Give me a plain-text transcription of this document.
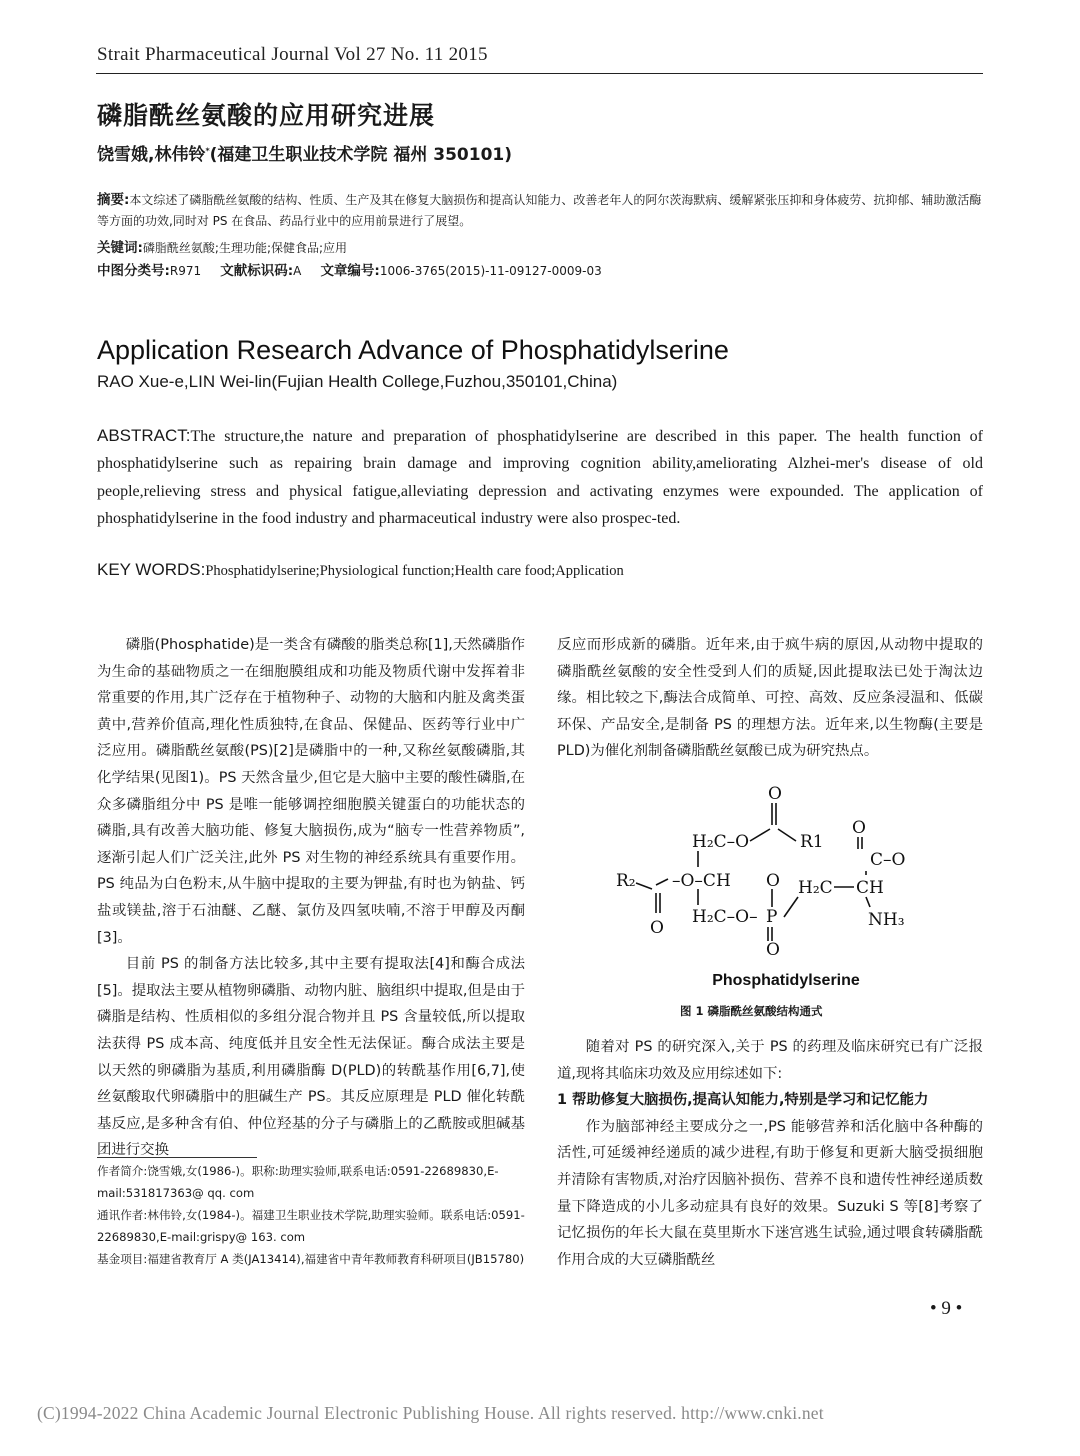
Strait Pharmaceutical Journal Vol 27 No. 11 2015
磷脂酰丝氨酸的应用研究进展
饶雪娥,林伟铃*(福建卫生职业技术学院 福州 350101)
摘要:本文综述了磷脂酰丝氨酸的结构、性质、生产及其在修复大脑损伤和提高认知能力、改善老年人的阿尔茨海默病、缓解紧张压抑和身体疲劳、抗抑郁、辅助激活酶等方面的功效,同时对 PS 在食品、药品行业中的应用前景进行了展望。
关键词:磷脂酰丝氨酸;生理功能;保健食品;应用
中图分类号:R971 文献标识码:A 文章编号:1006-3765(2015)-11-09127-0009-03
Application Research Advance of Phosphatidylserine
RAO Xue-e,LIN Wei-lin(Fujian Health College,Fuzhou,350101,China)
ABSTRACT:The structure,the nature and preparation of phosphatidylserine are described in this paper. The health function of phosphatidylserine such as repairing brain damage and improving cognition ability,ameliorating Alzhei-mer's disease of old people,relieving stress and physical fatigue,alleviating depression and activating enzymes were expounded. The application of phosphatidylserine in the food industry and pharmaceutical industry were also prospec-ted.
KEY WORDS:Phosphatidylserine;Physiological function;Health care food;Application

磷脂(Phosphatide)是一类含有磷酸的脂类总称[1],天然磷脂作为生命的基础物质之一在细胞膜组成和功能及物质代谢中发挥着非常重要的作用,其广泛存在于植物种子、动物的大脑和内脏及禽类蛋黄中,营养价值高,理化性质独特,在食品、保健品、医药等行业中广泛应用。磷脂酰丝氨酸(PS)[2]是磷脂中的一种,又称丝氨酸磷脂,其化学结果(见图1)。PS 天然含量少,但它是大脑中主要的酸性磷脂,在众多磷脂组分中 PS 是唯一能够调控细胞膜关键蛋白的功能状态的磷脂,具有改善大脑功能、修复大脑损伤,成为“脑专一性营养物质”,逐渐引起人们广泛关注,此外 PS 对生物的神经系统具有重要作用。PS 纯品为白色粉末,从牛脑中提取的主要为钾盐,有时也为钠盐、钙盐或镁盐,溶于石油醚、乙醚、氯仿及四氢呋喃,不溶于甲醇及丙酮[3]。

目前 PS 的制备方法比较多,其中主要有提取法[4]和酶合成法[5]。提取法主要从植物卵磷脂、动物内脏、脑组织中提取,但是由于磷脂是结构、性质相似的多组分混合物并且 PS 含量较低,所以提取法获得 PS 成本高、纯度低并且安全性无法保证。酶合成法主要是以天然的卵磷脂为基质,利用磷脂酶 D(PLD)的转酰基作用[6,7],使丝氨酸取代卵磷脂中的胆碱生产 PS。其反应原理是 PLD 催化转酰基反应,是多种含有伯、仲位羟基的分子与磷脂上的乙酰胺或胆碱基团进行交换

反应而形成新的磷脂。近年来,由于疯牛病的原因,从动物中提取的磷脂酰丝氨酸的安全性受到人们的质疑,因此提取法已处于淘汰边缘。相比较之下,酶法合成简单、可控、高效、反应条浸温和、低碳环保、产品安全,是制备 PS 的理想方法。近年来,以生物酶(主要是 PLD)为催化剂制备磷脂酰丝氨酸已成为研究热点。

O
H₂C–O	R1
R₂ –O–CH
H₂C–O– P
O
O
O
H₂C CH
NH₃
C–O
O
Phosphatidylserine
图 1 磷脂酰丝氨酸结构通式

随着对 PS 的研究深入,关于 PS 的药理及临床研究已有广泛报道,现将其临床功效及应用综述如下:

1 帮助修复大脑损伤,提高认知能力,特别是学习和记忆能力

作为脑部神经主要成分之一,PS 能够营养和活化脑中各种酶的活性,可延缓神经递质的减少进程,有助于修复和更新大脑受损细胞并清除有害物质,对治疗因脑补损伤、营养不良和遗传性神经递质数量下降造成的小儿多动症具有良好的效果。Suzuki S 等[8]考察了记忆损伤的年长大鼠在莫里斯水下迷宫逃生试验,通过喂食转磷脂酰作用合成的大豆磷脂酰丝

作者简介:饶雪娥,女(1986-)。职称:助理实验师,联系电话:0591-22689830,E-mail:531817363@ qq. com

通讯作者:林伟铃,女(1984-)。福建卫生职业技术学院,助理实验师。联系电话:0591-22689830,E-mail:grispy@ 163. com

基金项目:福建省教育厅 A 类(JA13414),福建省中青年教师教育科研项目(JB15780)

• 9 •
(C)1994-2022 China Academic Journal Electronic Publishing House. All rights reserved. http://www.cnki.net
